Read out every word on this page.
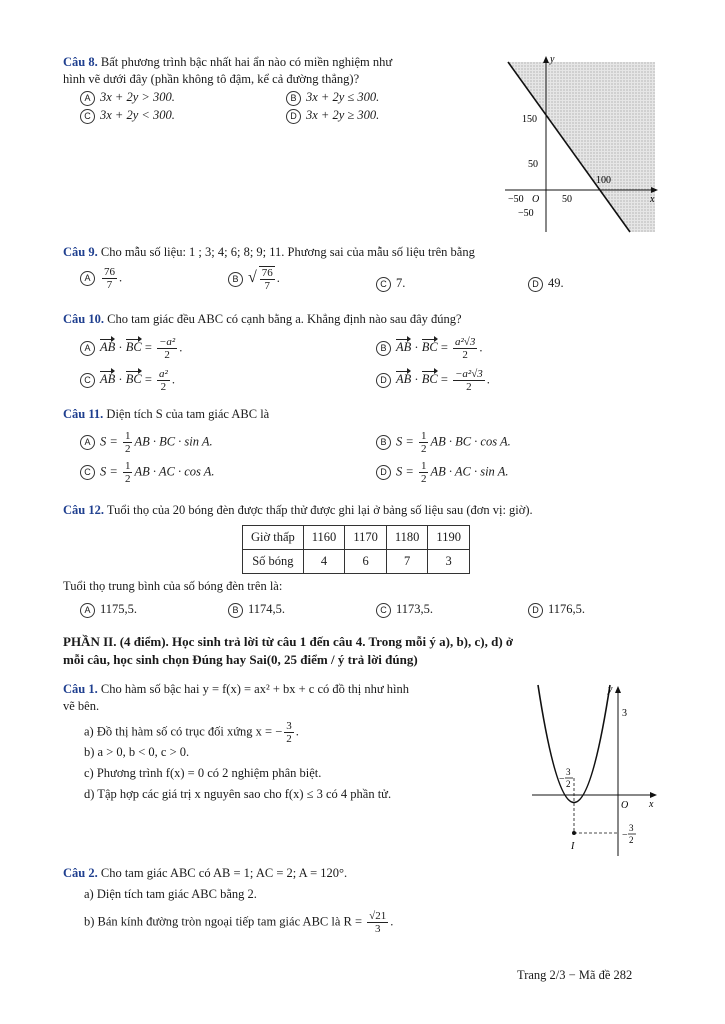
Câu 8. Bất phương trình bậc nhất hai ẩn nào có miền nghiệm như
hình vẽ dưới đây (phần không tô đậm, kể cả đường thẳng)?
A 3x + 2y > 300.	B 3x + 2y ≤ 300.
C 3x + 2y < 300.	D 3x + 2y ≥ 300.
y
x
150
50
100
−50 O 50
−50
Câu 9. Cho mẫu số liệu: 1 ; 3; 4; 6; 8; 9; 11. Phương sai của mẫu số liệu trên bằng
A $\frac{76}{7}$ .	B √ $\frac{76}{7}$ .	C 7.	D 49.
Câu 10. Cho tam giác đều ABC có cạnh bằng a. Khẳng định nào sau đây đúng?
A AB · BC = $\frac{\text{−a²}}{2}$ .	B AB · BC = $\frac{\text{a²√3}}{2}$ .
C AB · BC = $\frac{\text{a²}}{2}$ .	D AB · BC = $\frac{\text{−a²√3}}{2}$ .
Câu 11. Diện tích S của tam giác ABC là
A $S = \frac{1}{2}$ AB · BC · sin A.	B $S = \frac{1}{2}$ AB · BC · cos A.
C $S = \frac{1}{2}$ AB · AC · cos A.	D $S = \frac{1}{2}$ AB · AC · sin A.
Câu 12. Tuổi thọ của 20 bóng đèn được thấp thử được ghi lại ở bảng số liệu sau (đơn vị: giờ).
Giờ thấp	1160	1170	1180	1190
Số bóng	4	6	7	3
Tuổi thọ trung bình của số bóng đèn trên là:
A 1175,5.	B 1174,5.	C 1173,5.	D 1176,5.
PHẦN II. (4 điểm). Học sinh trả lời từ câu 1 đến câu 4. Trong mỗi ý a), b), c), d) ở
mỗi câu, học sinh chọn Đúng hay Sai(0, 25 điểm / ý trả lời đúng)
Câu 1. Cho hàm số bậc hai y = f(x) = ax² + bx + c có đồ thị như hình
vẽ bên.
a) Đồ thị hàm số có trục đối xứng x = − $\frac{3}{2}$ .
b) a > 0, b < 0, c > 0.
c) Phương trình f(x) = 0 có 2 nghiệm phân biệt.
d) Tập hợp các giá trị x nguyên sao cho f(x) ≤ 3 có 4 phần tử.
y
x
3
O
I
−
3
2
−
3
2
Câu 2. Cho tam giác ABC có AB = 1; AC = 2; A = 120°.
a) Diện tích tam giác ABC bằng 2.
b) Bán kính đường tròn ngoại tiếp tam giác ABC là $R = \frac{√21}{3}$ .
Trang 2/3 − Mã đề 282
